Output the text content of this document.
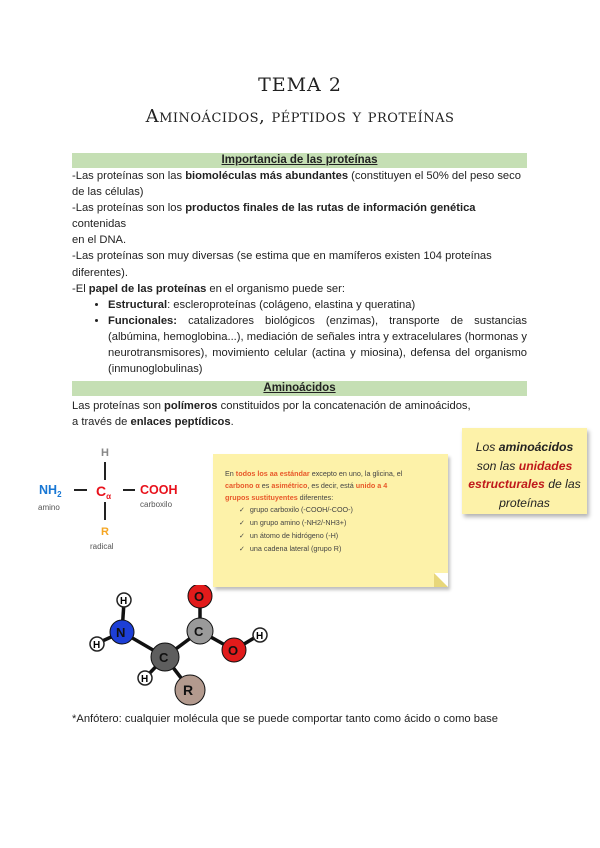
TEMA 2
Aminoácidos, péptidos y proteínas
Importancia de las proteínas

-Las proteínas son las biomoléculas más abundantes (constituyen el 50% del peso seco de las células)

-Las proteínas son los productos finales de las rutas de información genética
contenidas

en el DNA.

-Las proteínas son muy diversas (se estima que en mamíferos existen 104 proteínas diferentes).

-El papel de las proteínas en el organismo puede ser:

• Estructural: escleroproteínas (colágeno, elastina y queratina)
• Funcionales: catalizadores biológicos (enzimas), transporte de sustancias (albúmina, hemoglobina...), mediación de señales intra y extracelulares (hormonas y neurotransmisores), movimiento celular (actina y miosina), defensa del organismo (inmunoglobulinas)
Aminoácidos

Las proteínas son polímeros constituidos por la concatenación de aminoácidos,

a través de enlaces peptídicos.

H
$NH_2$
amino
$C_\alpha$ COOH
carboxilo
R
radical
En todos los aa estándar excepto en uno, la glicina, el
carbono α es asimétrico, es decir, está unido a 4
grupos sustituyentes diferentes:
✓ grupo carboxilo (-COOH/-COO-)
✓ un grupo amino (-NH2/-NH3+)
✓ un átomo de hidrógeno (-H)
✓ una cadena lateral (grupo R)
Los aminoácidos
son las unidades estructurales de las proteínas
H
H
N
O
C
O
H
C
H
R
*Anfótero: cualquier molécula que se puede comportar tanto como ácido o como base
